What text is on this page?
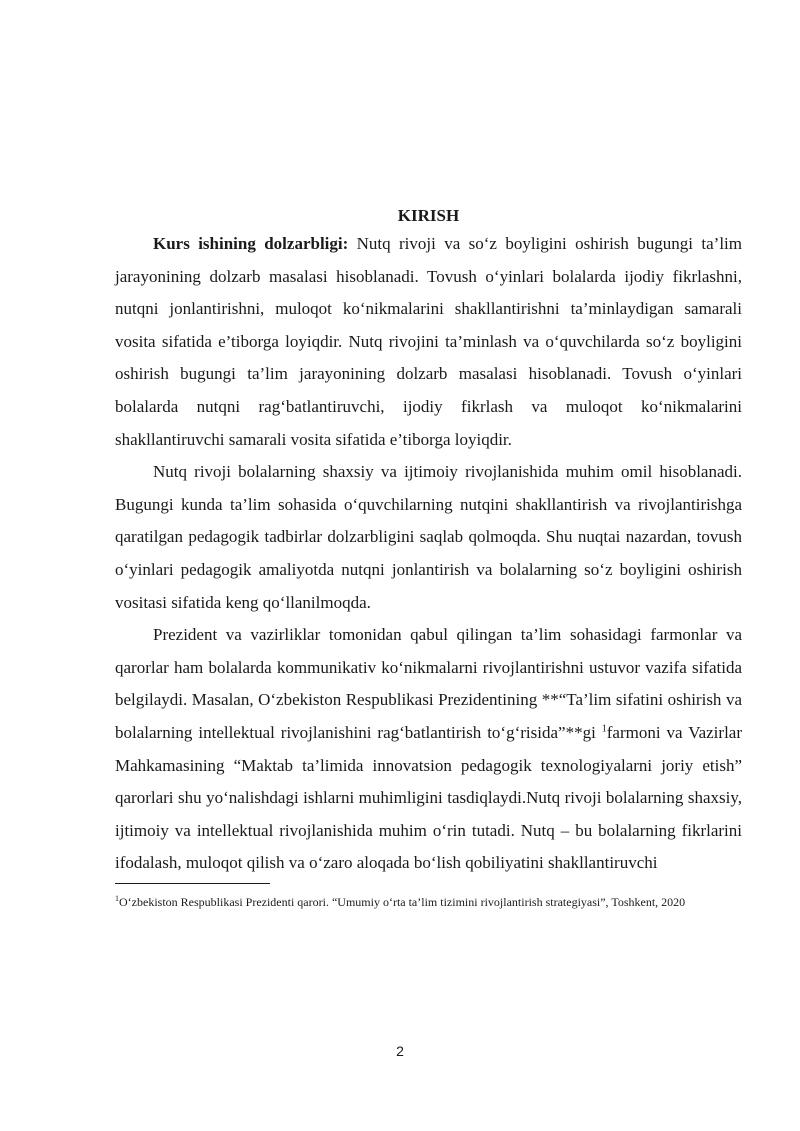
KIRISH

Kurs ishining dolzarbligi: Nutq rivoji va so‘z boyligini oshirish bugungi ta’lim jarayonining dolzarb masalasi hisoblanadi. Tovush o‘yinlari bolalarda ijodiy fikrlashni, nutqni jonlantirishni, muloqot ko‘nikmalarini shakllantirishni ta’minlaydigan samarali vosita sifatida e’tiborga loyiqdir. Nutq rivojini ta’minlash va o‘quvchilarda so‘z boyligini oshirish bugungi ta’lim jarayonining dolzarb masalasi hisoblanadi. Tovush o‘yinlari bolalarda nutqni rag‘batlantiruvchi, ijodiy fikrlash va muloqot ko‘nikmalarini shakllantiruvchi samarali vosita sifatida e’tiborga loyiqdir.

Nutq rivoji bolalarning shaxsiy va ijtimoiy rivojlanishida muhim omil hisoblanadi. Bugungi kunda ta’lim sohasida o‘quvchilarning nutqini shakllantirish va rivojlantirishga qaratilgan pedagogik tadbirlar dolzarbligini saqlab qolmoqda. Shu nuqtai nazardan, tovush o‘yinlari pedagogik amaliyotda nutqni jonlantirish va bolalarning so‘z boyligini oshirish vositasi sifatida keng qo‘llanilmoqda.

Prezident va vazirliklar tomonidan qabul qilingan ta’lim sohasidagi farmonlar va qarorlar ham bolalarda kommunikativ ko‘nikmalarni rivojlantirishni ustuvor vazifa sifatida belgilaydi. Masalan, O‘zbekiston Respublikasi Prezidentining **“Ta’lim sifatini oshirish va bolalarning intellektual rivojlanishini rag‘batlantirish to‘g‘risida”**gi $^1$farmoni va Vazirlar Mahkamasining “Maktab ta’limida innovatsion pedagogik texnologiyalarni joriy etish” qarorlari shu yo‘nalishdagi ishlarni muhimligini tasdiqlaydi.Nutq rivoji bolalarning shaxsiy, ijtimoiy va intellektual rivojlanishida muhim o‘rin tutadi. Nutq – bu bolalarning fikrlarini ifodalash, muloqot qilish va o‘zaro aloqada bo‘lish qobiliyatini shakllantiruvchi

$^1$O‘zbekiston Respublikasi Prezidenti qarori. “Umumiy o‘rta ta’lim tizimini rivojlantirish strategiyasi”, Toshkent, 2020

2
